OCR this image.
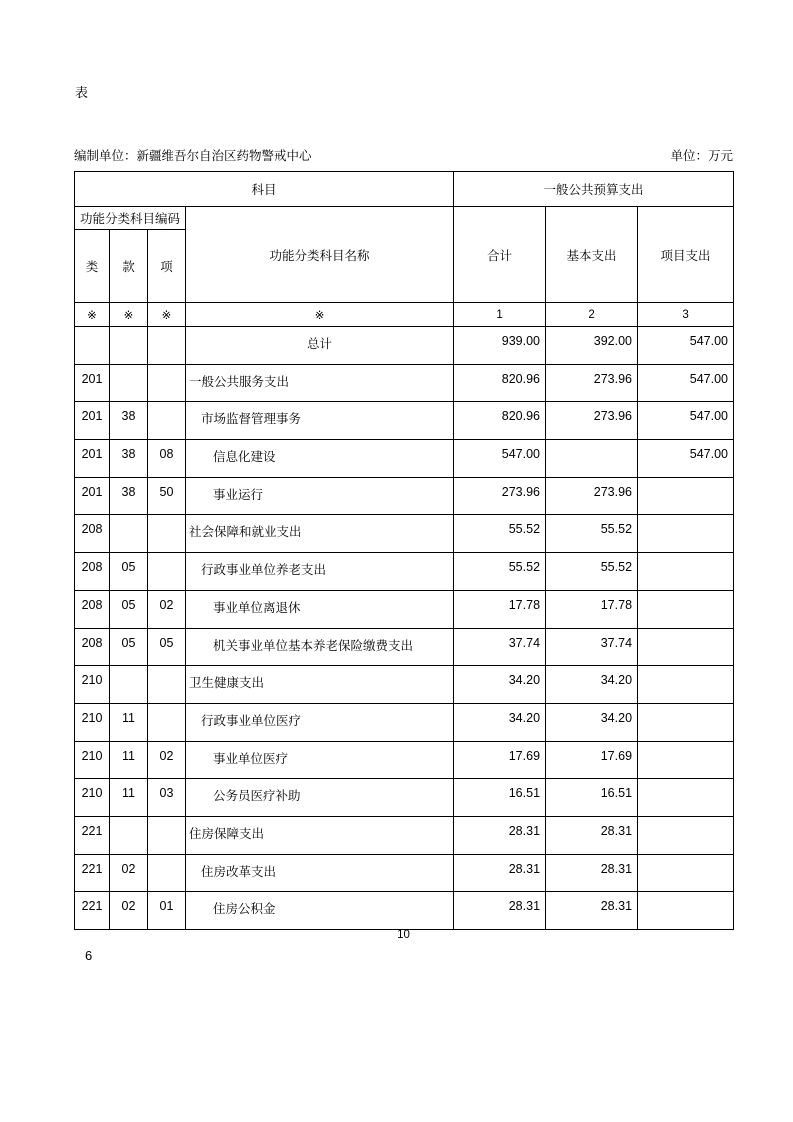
表
编制单位：新疆维吾尔自治区药物警戒中心	单位：万元
科目				一般公共预算支出		
功能分类科目编码			功能分类科目名称	合计	基本支出	项目支出
类	款	项				
※	※	※	※	1	2	3
			总计	939.00	392.00	547.00
201			一般公共服务支出	820.96	273.96	547.00
201	38		市场监督管理事务	820.96	273.96	547.00
201	38	08	信息化建设	547.00		547.00
201	38	50	事业运行	273.96	273.96	
208			社会保障和就业支出	55.52	55.52	
208	05		行政事业单位养老支出	55.52	55.52	
208	05	02	事业单位离退休	17.78	17.78	
208	05	05	机关事业单位基本养老保险缴费支出	37.74	37.74	
210			卫生健康支出	34.20	34.20	
210	11		行政事业单位医疗	34.20	34.20	
210	11	02	事业单位医疗	17.69	17.69	
210	11	03	公务员医疗补助	16.51	16.51	
221			住房保障支出	28.31	28.31	
221	02		住房改革支出	28.31	28.31	
221	02	01	住房公积金	28.31	28.31	
10
6
